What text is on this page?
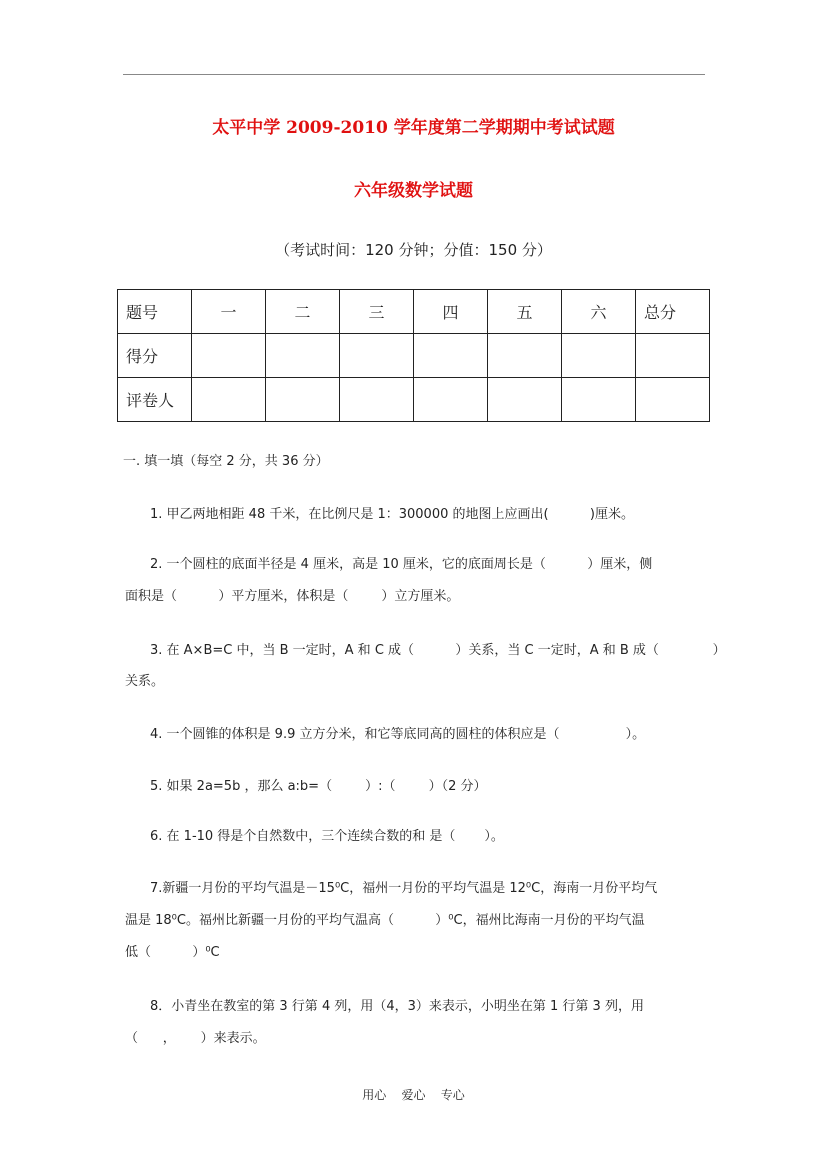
太平中学 2009-2010 学年度第二学期期中考试试题
六年级数学试题
（考试时间：120 分钟；分值：150 分）
题号	一	二	三	四	五	六	总分
得分							
评卷人							
一. 填一填（每空 2 分，共 36 分）
1. 甲乙两地相距 48 千米，在比例尺是 1：300000 的地图上应画出(          )厘米。
2. 一个圆柱的底面半径是 4 厘米，高是 10 厘米，它的底面周长是（          ）厘米，侧
面积是（          ）平方厘米，体积是（        ）立方厘米。
3. 在 A×B=C 中，当 B 一定时，A 和 C 成（          ）关系，当 C 一定时，A 和 B 成（             ）
关系。
4. 一个圆锥的体积是 9.9 立方分米，和它等底同高的圆柱的体积应是（                ）。
5. 如果 2a=5b ，那么 a:b=（        ）:（        ）（2 分）
6. 在 1-10 得是个自然数中，三个连续合数的和 是（       ）。
7.新疆一月份的平均气温是－15⁰C，福州一月份的平均气温是 12⁰C，海南一月份平均气
温是 18⁰C。福州比新疆一月份的平均气温高（          ）⁰C，福州比海南一月份的平均气温
低（          ）⁰C
8．小青坐在教室的第 3 行第 4 列，用（4，3）来表示，小明坐在第 1 行第 3 列，用
（      ，      ）来表示。
用心    爱心    专心
